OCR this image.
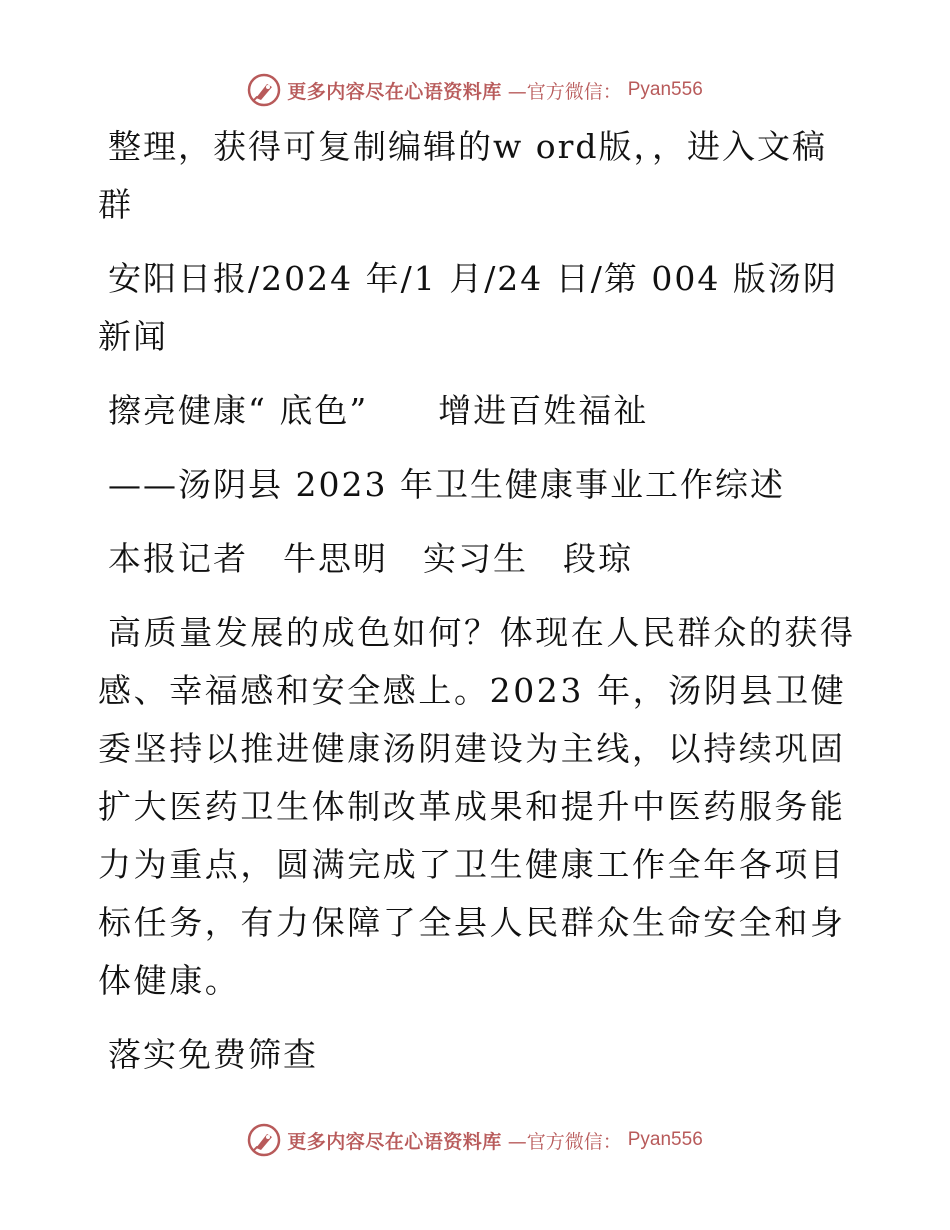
更多内容尽在心语资料库 —官方微信： Pyan556

整理，获得可复制编辑的w ord版，，进入文稿群

安阳日报/2024 年/1 月/24 日/第 004 版汤阴新闻

擦亮健康“ 底色”　　增进百姓福祉

——汤阴县 2023 年卫生健康事业工作综述

本报记者　牛思明　实习生　段琼

高质量发展的成色如何？体现在人民群众的获得感、幸福感和安全感上。2023 年，汤阴县卫健委坚持以推进健康汤阴建设为主线，以持续巩固扩大医药卫生体制改革成果和提升中医药服务能力为重点，圆满完成了卫生健康工作全年各项目标任务，有力保障了全县人民群众生命安全和身体健康。

落实免费筛查

更多内容尽在心语资料库 —官方微信： Pyan556
